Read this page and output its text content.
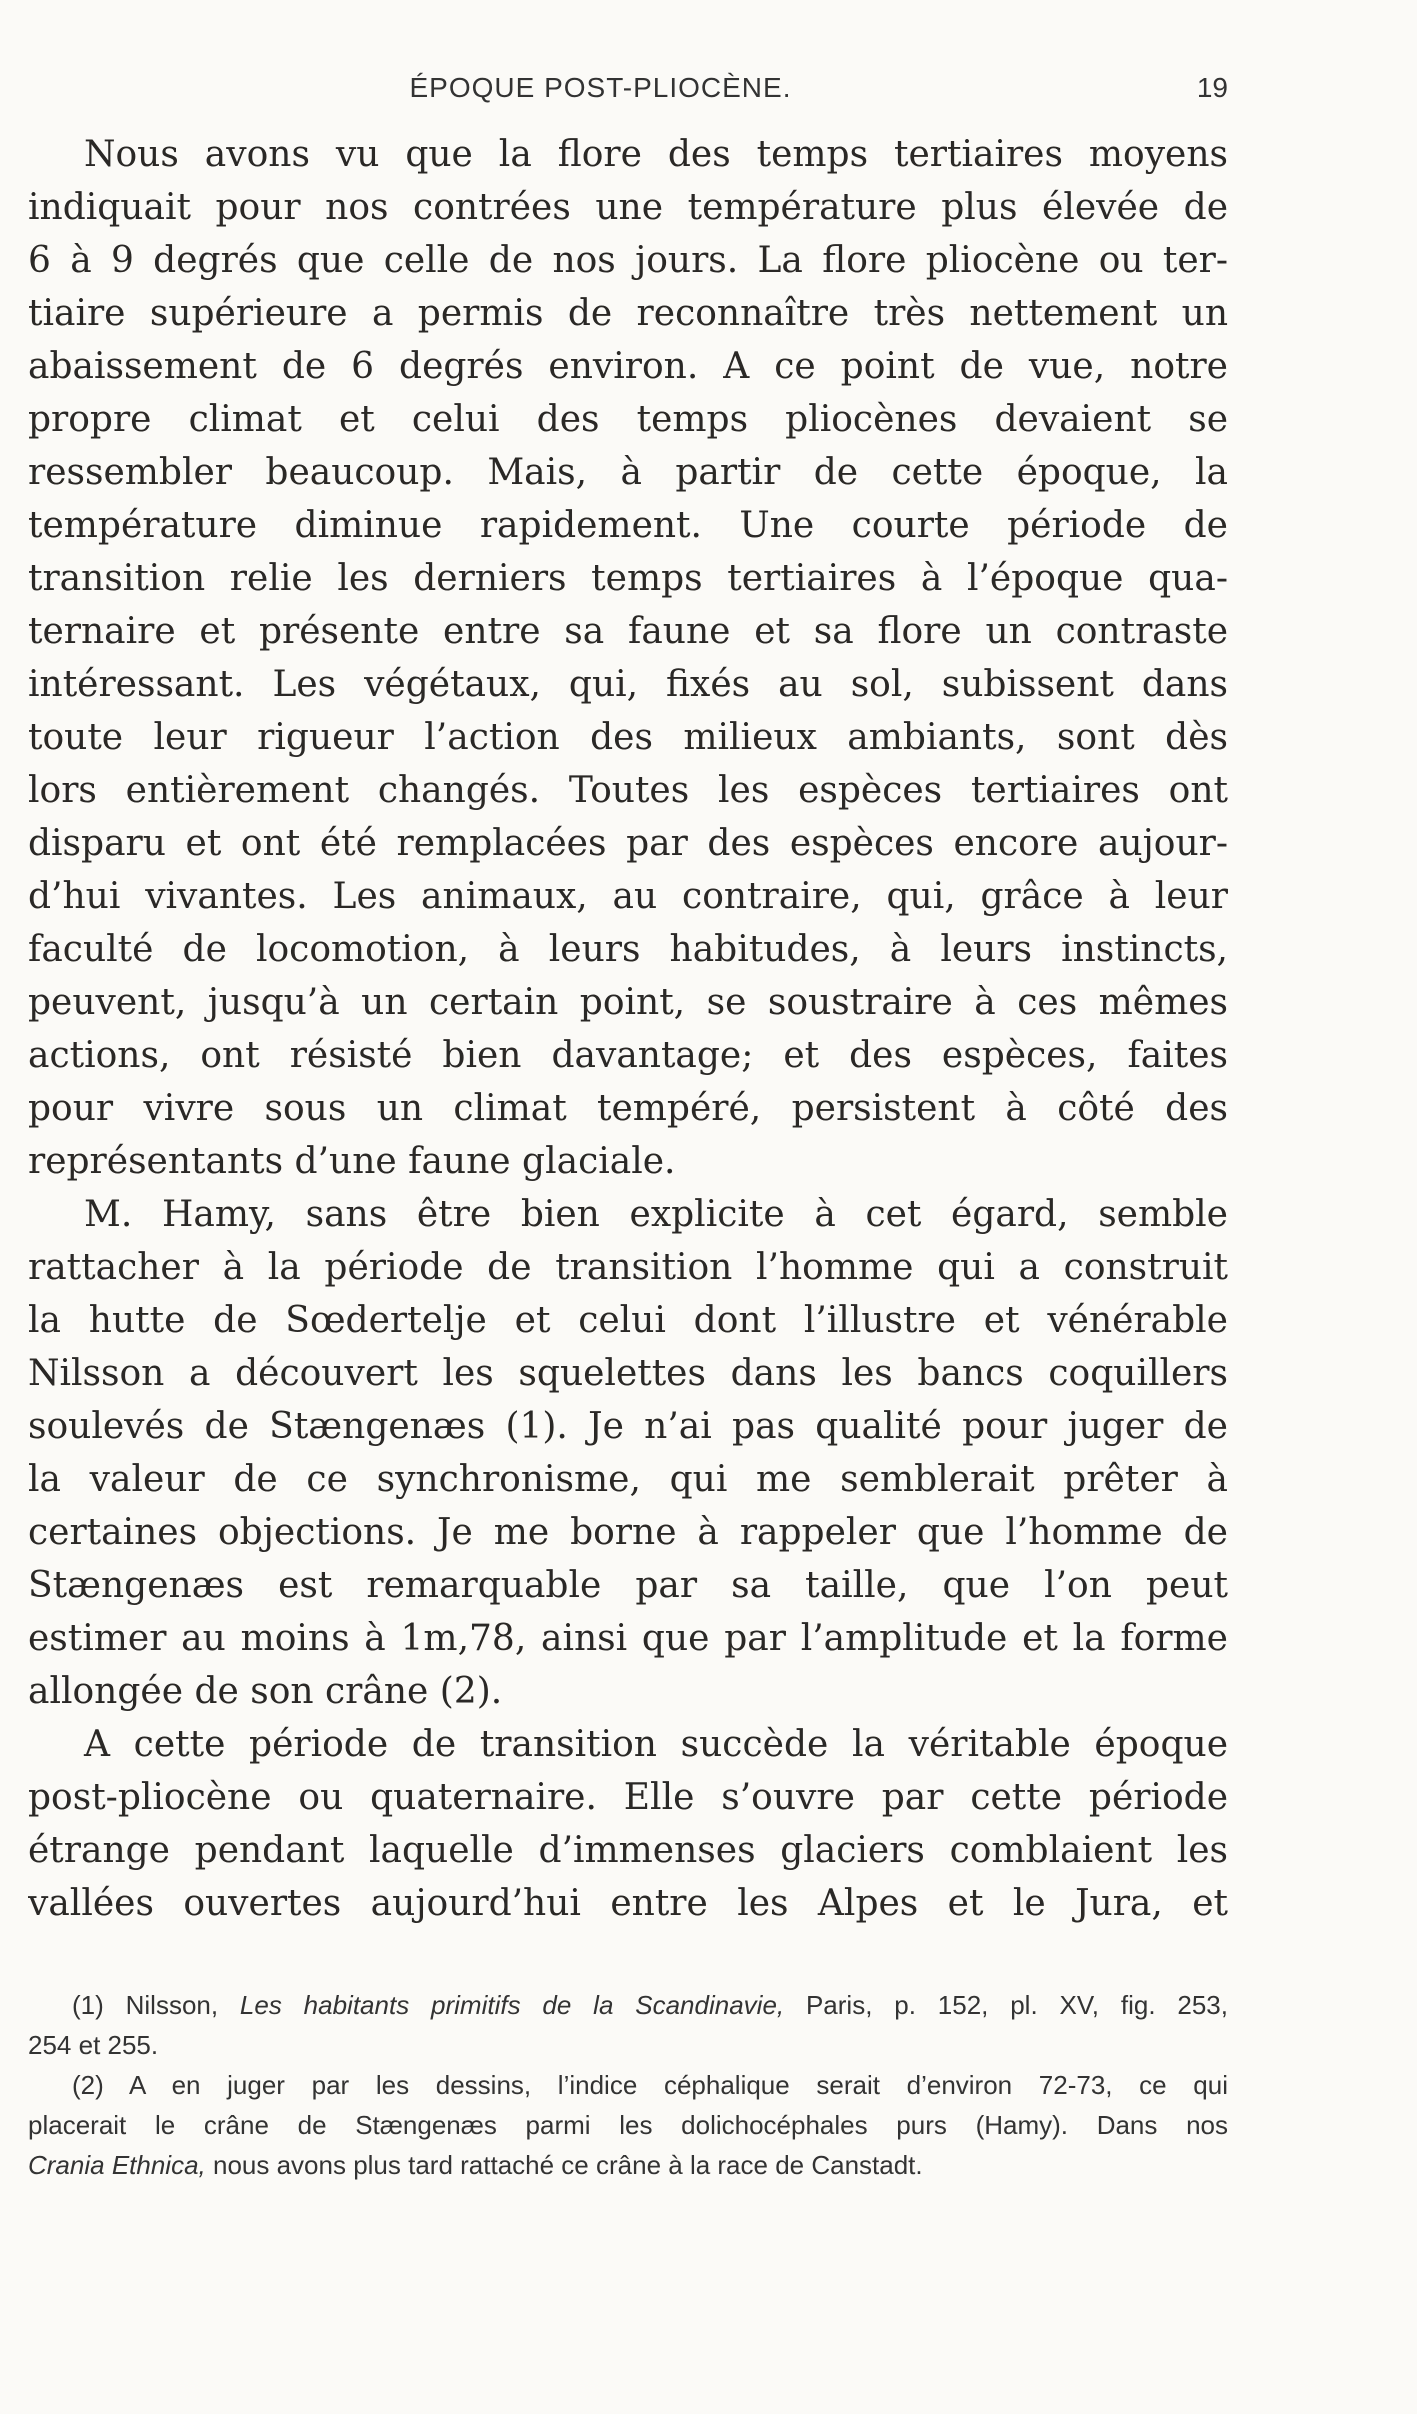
ÉPOQUE POST-PLIOCÈNE.	19
Nous avons vu que la flore des temps tertiaires moyens
indiquait pour nos contrées une température plus élevée de
6 à 9 degrés que celle de nos jours. La flore pliocène ou ter-
tiaire supérieure a permis de reconnaître très nettement un
abaissement de 6 degrés environ. A ce point de vue, notre
propre climat et celui des temps pliocènes devaient se
ressembler beaucoup. Mais, à partir de cette époque, la
température diminue rapidement. Une courte période de
transition relie les derniers temps tertiaires à l’époque qua-
ternaire et présente entre sa faune et sa flore un contraste
intéressant. Les végétaux, qui, fixés au sol, subissent dans
toute leur rigueur l’action des milieux ambiants, sont dès
lors entièrement changés. Toutes les espèces tertiaires ont
disparu et ont été remplacées par des espèces encore aujour-
d’hui vivantes. Les animaux, au contraire, qui, grâce à leur
faculté de locomotion, à leurs habitudes, à leurs instincts,
peuvent, jusqu’à un certain point, se soustraire à ces mêmes
actions, ont résisté bien davantage; et des espèces, faites
pour vivre sous un climat tempéré, persistent à côté des
représentants d’une faune glaciale.
M. Hamy, sans être bien explicite à cet égard, semble
rattacher à la période de transition l’homme qui a construit
la hutte de Sœdertelje et celui dont l’illustre et vénérable
Nilsson a découvert les squelettes dans les bancs coquillers
soulevés de Stængenæs (1). Je n’ai pas qualité pour juger de
la valeur de ce synchronisme, qui me semblerait prêter à
certaines objections. Je me borne à rappeler que l’homme de
Stængenæs est remarquable par sa taille, que l’on peut
estimer au moins à 1m,78, ainsi que par l’amplitude et la forme
allongée de son crâne (2).
A cette période de transition succède la véritable époque
post-pliocène ou quaternaire. Elle s’ouvre par cette période
étrange pendant laquelle d’immenses glaciers comblaient les
vallées ouvertes aujourd’hui entre les Alpes et le Jura, et
(1) Nilsson, Les habitants primitifs de la Scandinavie, Paris, p. 152, pl. XV, fig. 253,
254 et 255.
(2) A en juger par les dessins, l’indice céphalique serait d’environ 72-73, ce qui
placerait le crâne de Stængenæs parmi les dolichocéphales purs (Hamy). Dans nos
Crania Ethnica, nous avons plus tard rattaché ce crâne à la race de Canstadt.
